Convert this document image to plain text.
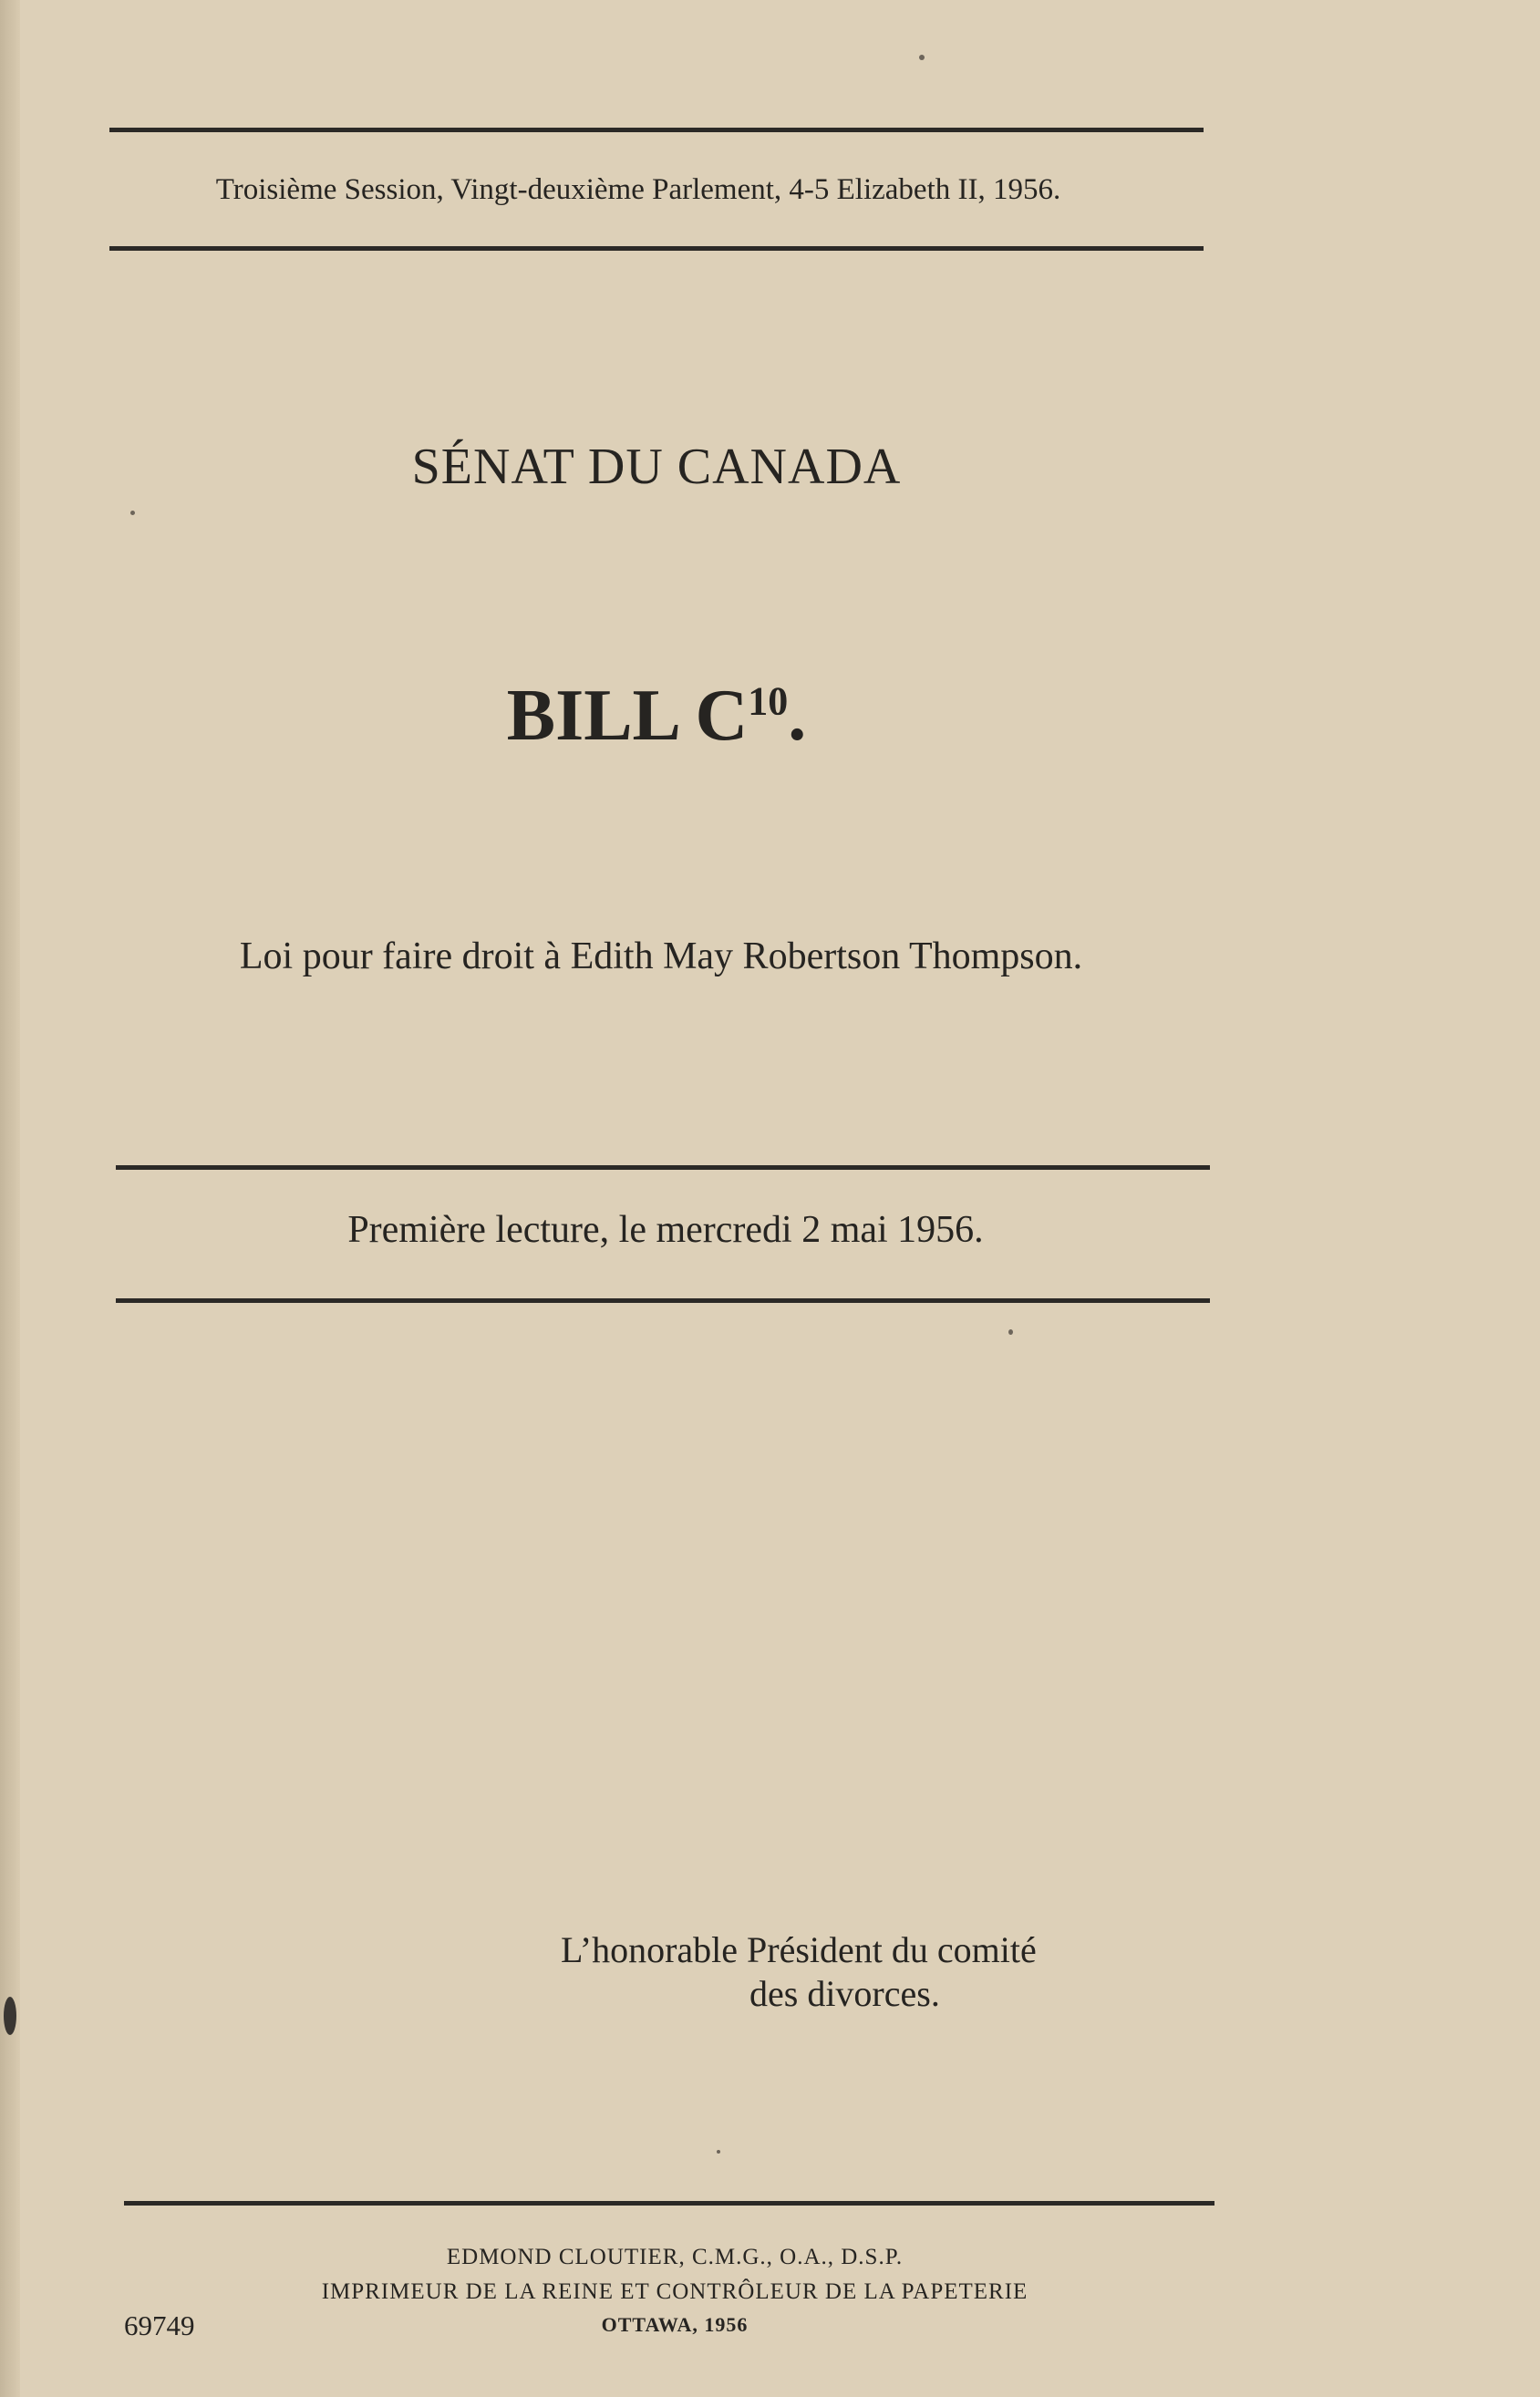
Troisième Session, Vingt-deuxième Parlement, 4-5 Elizabeth II, 1956.
SÉNAT DU CANADA
BILL $C^{10}$.
Loi pour faire droit à Edith May Robertson Thompson.
Première lecture, le mercredi 2 mai 1956.
L’honorable Président du comité
des divorces.
EDMOND CLOUTIER, C.M.G., O.A., D.S.P.
IMPRIMEUR DE LA REINE ET CONTRÔLEUR DE LA PAPETERIE
OTTAWA, 1956
69749
